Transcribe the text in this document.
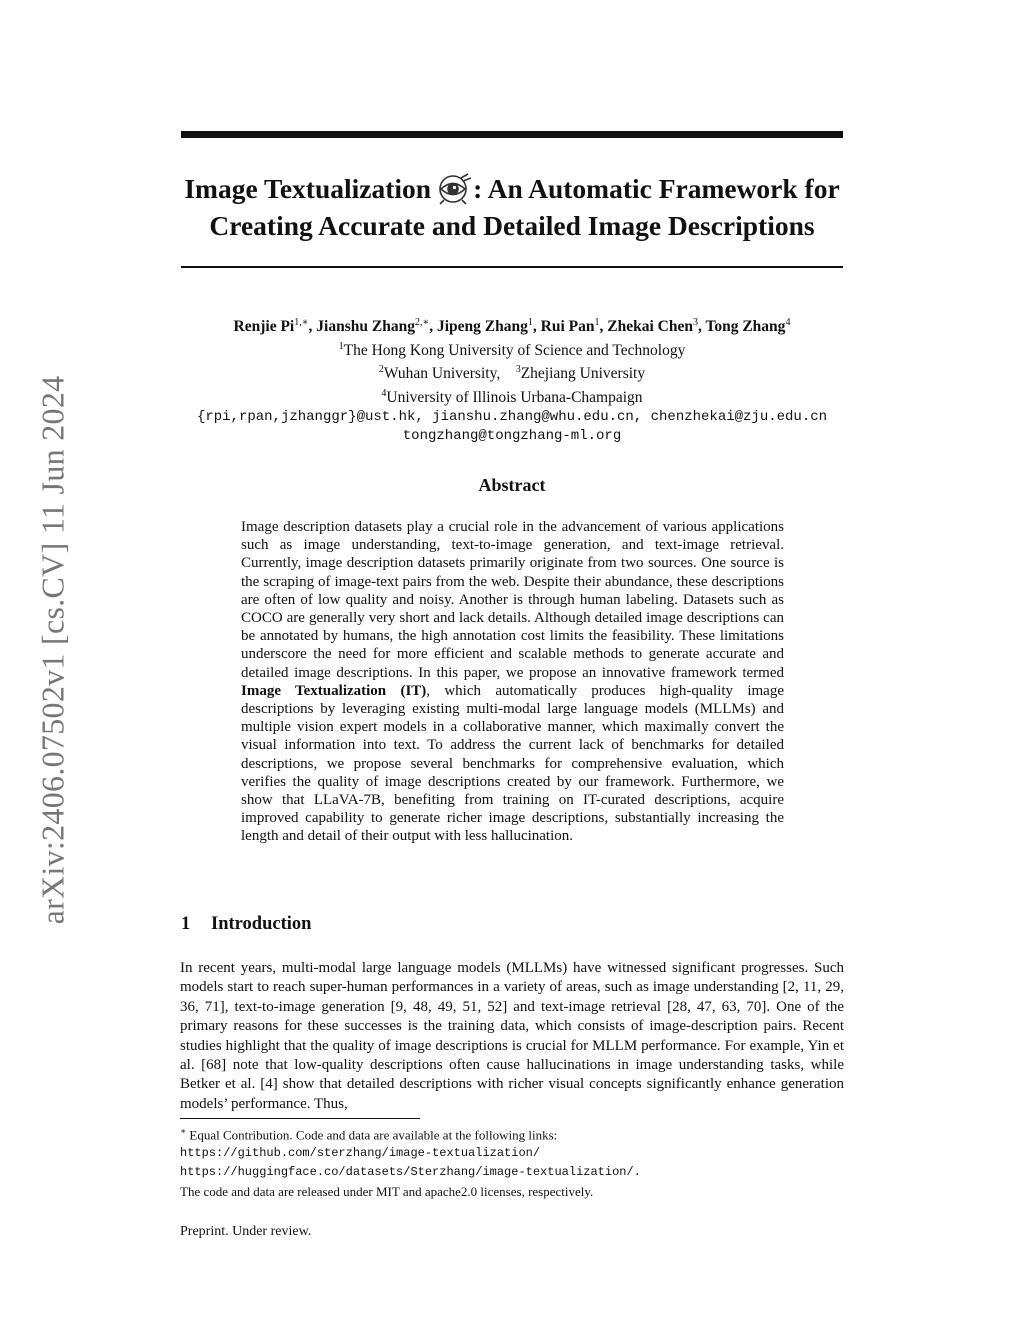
arXiv:2406.07502v1 [cs.CV] 11 Jun 2024
Image Textualization : An Automatic Framework for Creating Accurate and Detailed Image Descriptions
Renjie $Pi^{1,∗}$, Jianshu Zhang$^{2,∗}$, Jipeng Zhang$^1$, Rui Pan$^1$, Zhekai Chen$^3$, Tong Zhang$^4$
$^1$The Hong Kong University of Science and Technology
$^2$Wuhan University, $^3$Zhejiang University
$^4$University of Illinois Urbana-Champaign
{rpi,rpan,jzhanggr}@ust.hk, jianshu.zhang@whu.edu.cn, chenzhekai@zju.edu.cn
tongzhang@tongzhang-ml.org
Abstract

Image description datasets play a crucial role in the advancement of various applications such as image understanding, text-to-image generation, and text-image retrieval. Currently, image description datasets primarily originate from two sources. One source is the scraping of image-text pairs from the web. Despite their abundance, these descriptions are often of low quality and noisy. Another is through human labeling. Datasets such as COCO are generally very short and lack details. Although detailed image descriptions can be annotated by humans, the high annotation cost limits the feasibility. These limitations underscore the need for more efficient and scalable methods to generate accurate and detailed image descriptions. In this paper, we propose an innovative framework termed Image Textualization (IT), which automatically produces high-quality image descriptions by leveraging existing multi-modal large language models (MLLMs) and multiple vision expert models in a collaborative manner, which maximally convert the visual information into text. To address the current lack of benchmarks for detailed descriptions, we propose several benchmarks for comprehensive evaluation, which verifies the quality of image descriptions created by our framework. Furthermore, we show that LLaVA-7B, benefiting from training on IT-curated descriptions, acquire improved capability to generate richer image descriptions, substantially increasing the length and detail of their output with less hallucination.

1 Introduction

In recent years, multi-modal large language models (MLLMs) have witnessed significant progresses. Such models start to reach super-human performances in a variety of areas, such as image understanding [2, 11, 29, 36, 71], text-to-image generation [9, 48, 49, 51, 52] and text-image retrieval [28, 47, 63, 70]. One of the primary reasons for these successes is the training data, which consists of image-description pairs. Recent studies highlight that the quality of image descriptions is crucial for MLLM performance. For example, Yin et al. [68] note that low-quality descriptions often cause hallucinations in image understanding tasks, while Betker et al. [4] show that detailed descriptions with richer visual concepts significantly enhance generation models’ performance. Thus,

∗ Equal Contribution. Code and data are available at the following links:
https://github.com/sterzhang/image-textualization/
https://huggingface.co/datasets/Sterzhang/image-textualization/.
The code and data are released under MIT and apache2.0 licenses, respectively.
Preprint. Under review.
